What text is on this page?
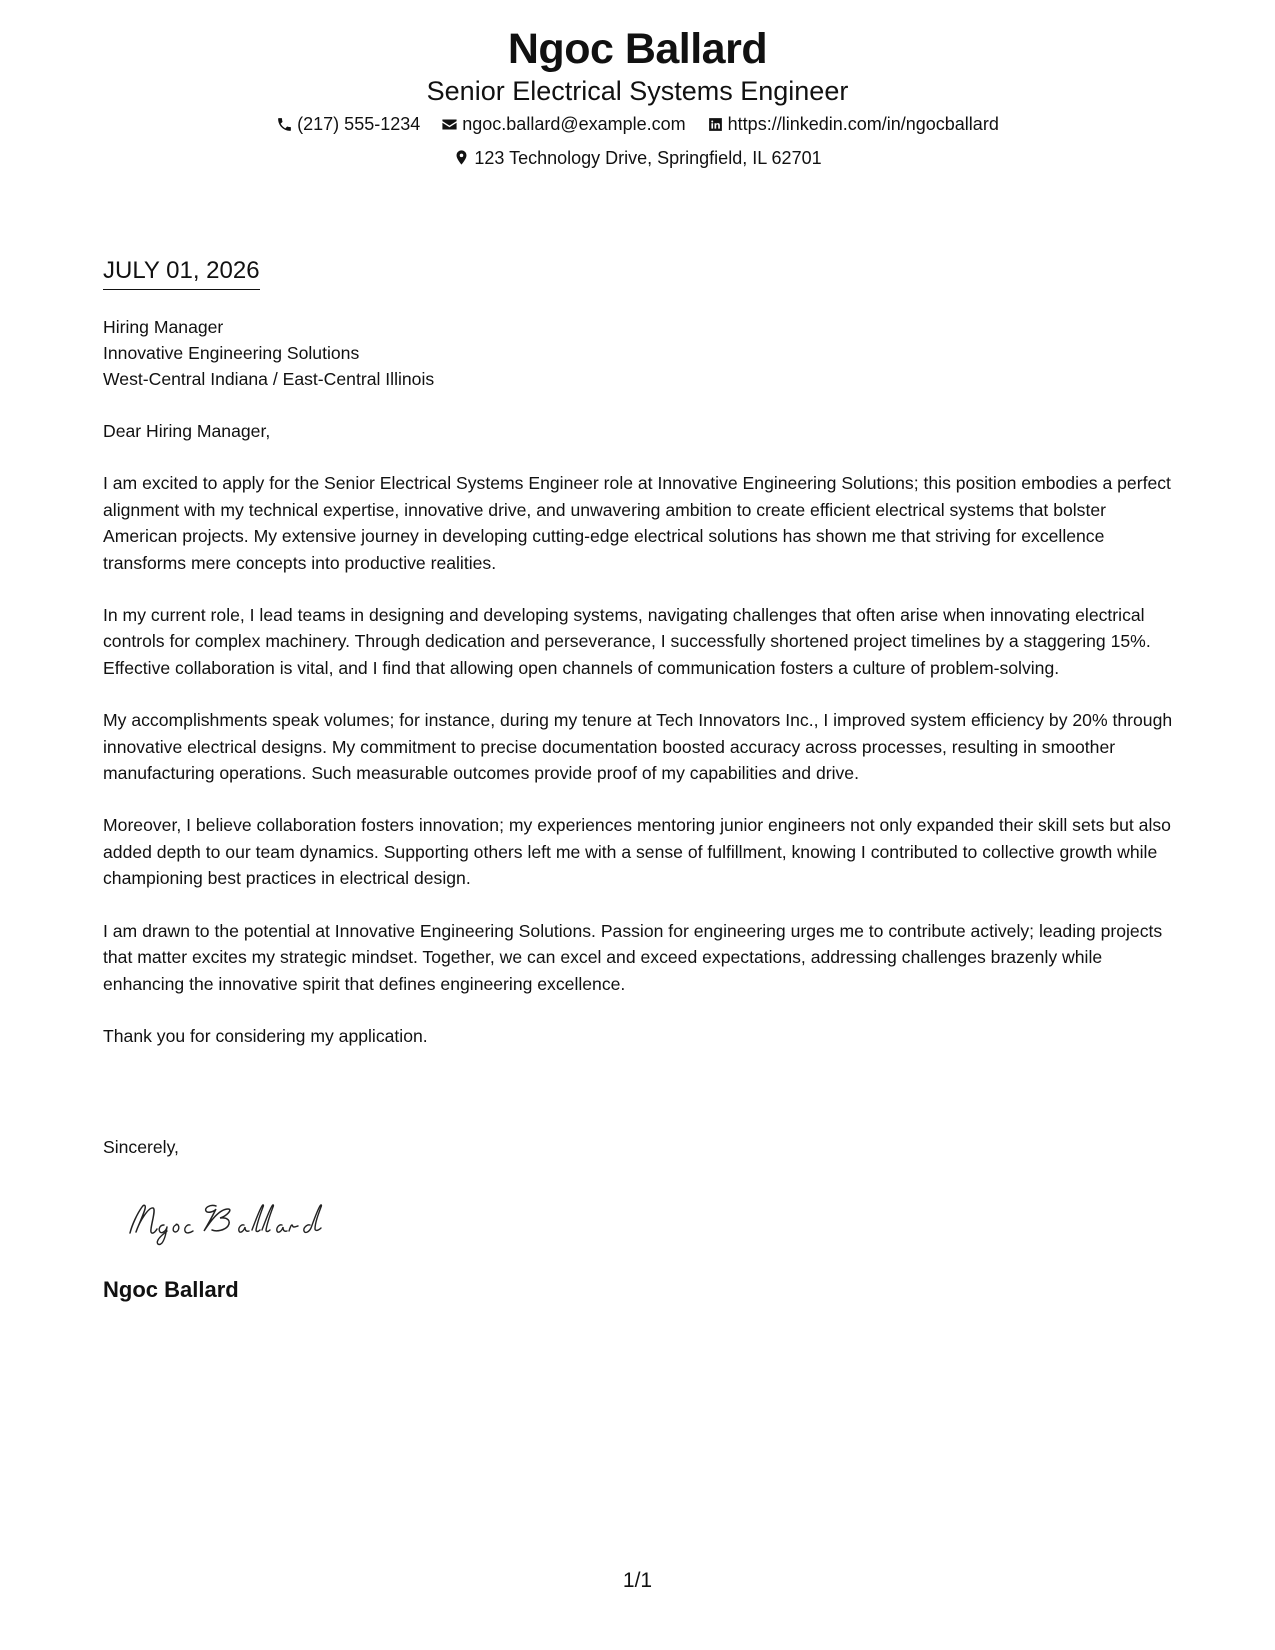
Ngoc Ballard
Senior Electrical Systems Engineer
(217) 555-1234
ngoc.ballard@example.com
https://linkedin.com/in/ngocballard
123 Technology Drive, Springfield, IL 62701
JULY 01, 2026
Hiring Manager
Innovative Engineering Solutions
West-Central Indiana / East-Central Illinois

Dear Hiring Manager,

I am excited to apply for the Senior Electrical Systems Engineer role at Innovative Engineering Solutions; this position embodies a perfect alignment with my technical expertise, innovative drive, and unwavering ambition to create efficient electrical systems that bolster American projects. My extensive journey in developing cutting-edge electrical solutions has shown me that striving for excellence transforms mere concepts into productive realities.

In my current role, I lead teams in designing and developing systems, navigating challenges that often arise when innovating electrical controls for complex machinery. Through dedication and perseverance, I successfully shortened project timelines by a staggering 15%. Effective collaboration is vital, and I find that allowing open channels of communication fosters a culture of problem-solving.

My accomplishments speak volumes; for instance, during my tenure at Tech Innovators Inc., I improved system efficiency by 20% through innovative electrical designs. My commitment to precise documentation boosted accuracy across processes, resulting in smoother manufacturing operations. Such measurable outcomes provide proof of my capabilities and drive.

Moreover, I believe collaboration fosters innovation; my experiences mentoring junior engineers not only expanded their skill sets but also added depth to our team dynamics. Supporting others left me with a sense of fulfillment, knowing I contributed to collective growth while championing best practices in electrical design.

I am drawn to the potential at Innovative Engineering Solutions. Passion for engineering urges me to contribute actively; leading projects that matter excites my strategic mindset. Together, we can excel and exceed expectations, addressing challenges brazenly while enhancing the innovative spirit that defines engineering excellence.

Thank you for considering my application.

Sincerely,
Ngoc Ballard
1/1
